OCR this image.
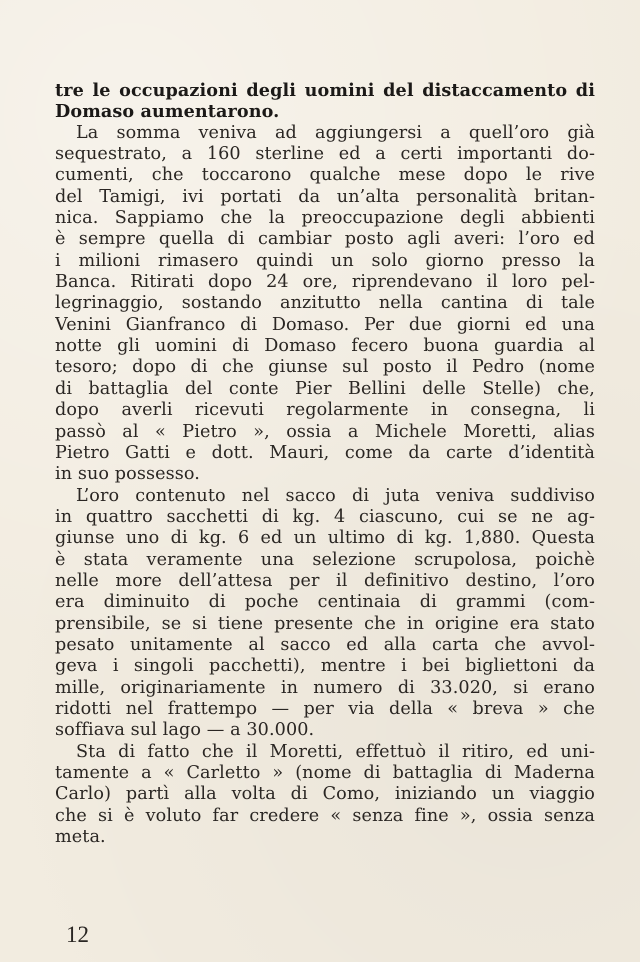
tre le occupazioni degli uomini del distaccamento di
Domaso aumentarono.
La somma veniva ad aggiungersi a quell’oro già
sequestrato, a 160 sterline ed a certi importanti do-
cumenti, che toccarono qualche mese dopo le rive
del Tamigi, ivi portati da un’alta personalità britan-
nica. Sappiamo che la preoccupazione degli abbienti
è sempre quella di cambiar posto agli averi: l’oro ed
i milioni rimasero quindi un solo giorno presso la
Banca. Ritirati dopo 24 ore, riprendevano il loro pel-
legrinaggio, sostando anzitutto nella cantina di tale
Venini Gianfranco di Domaso. Per due giorni ed una
notte gli uomini di Domaso fecero buona guardia al
tesoro; dopo di che giunse sul posto il Pedro (nome
di battaglia del conte Pier Bellini delle Stelle) che,
dopo averli ricevuti regolarmente in consegna, li
passò al « Pietro », ossia a Michele Moretti, alias
Pietro Gatti e dott. Mauri, come da carte d’identità
in suo possesso.
L’oro contenuto nel sacco di juta veniva suddiviso
in quattro sacchetti di kg. 4 ciascuno, cui se ne ag-
giunse uno di kg. 6 ed un ultimo di kg. 1,880. Questa
è stata veramente una selezione scrupolosa, poichè
nelle more dell’attesa per il definitivo destino, l’oro
era diminuito di poche centinaia di grammi (com-
prensibile, se si tiene presente che in origine era stato
pesato unitamente al sacco ed alla carta che avvol-
geva i singoli pacchetti), mentre i bei bigliettoni da
mille, originariamente in numero di 33.020, si erano
ridotti nel frattempo — per via della « breva » che
soffiava sul lago — a 30.000.
Sta di fatto che il Moretti, effettuò il ritiro, ed uni-
tamente a « Carletto » (nome di battaglia di Maderna
Carlo) partì alla volta di Como, iniziando un viaggio
che si è voluto far credere « senza fine », ossia senza
meta.
12
